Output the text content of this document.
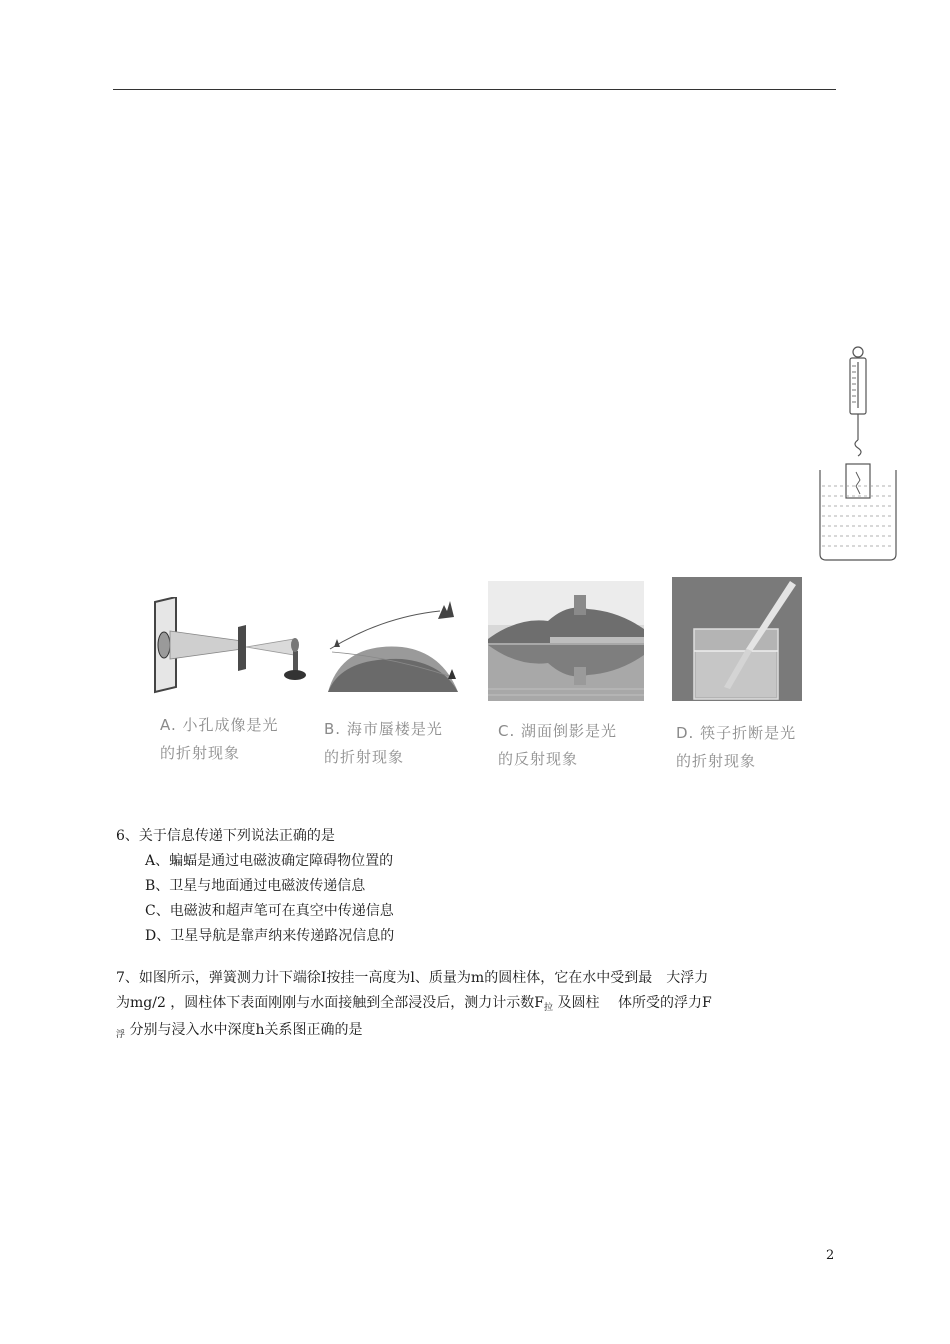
A. 小孔成像是光
的折射现象
B. 海市蜃楼是光
的折射现象
C. 湖面倒影是光
的反射现象
D. 筷子折断是光
的折射现象
6、关于信息传递下列说法正确的是
A、蝙蝠是通过电磁波确定障碍物位置的
B、卫星与地面通过电磁波传递信息
C、电磁波和超声笔可在真空中传递信息
D、卫星导航是靠声纳来传递路况信息的

7、如图所示，弹簧测力计下端徐Ⅰ按挂一高度为l、质量为m的圆柱体，它在水中受到最　大浮力

为mg/2 ，圆柱体下表面刚刚与水面接触到全部浸没后，测力计示数$F_拉$ 及圆柱　 体所受的浮力F

$_浮$ 分别与浸入水中深度h关系图正确的是

2
